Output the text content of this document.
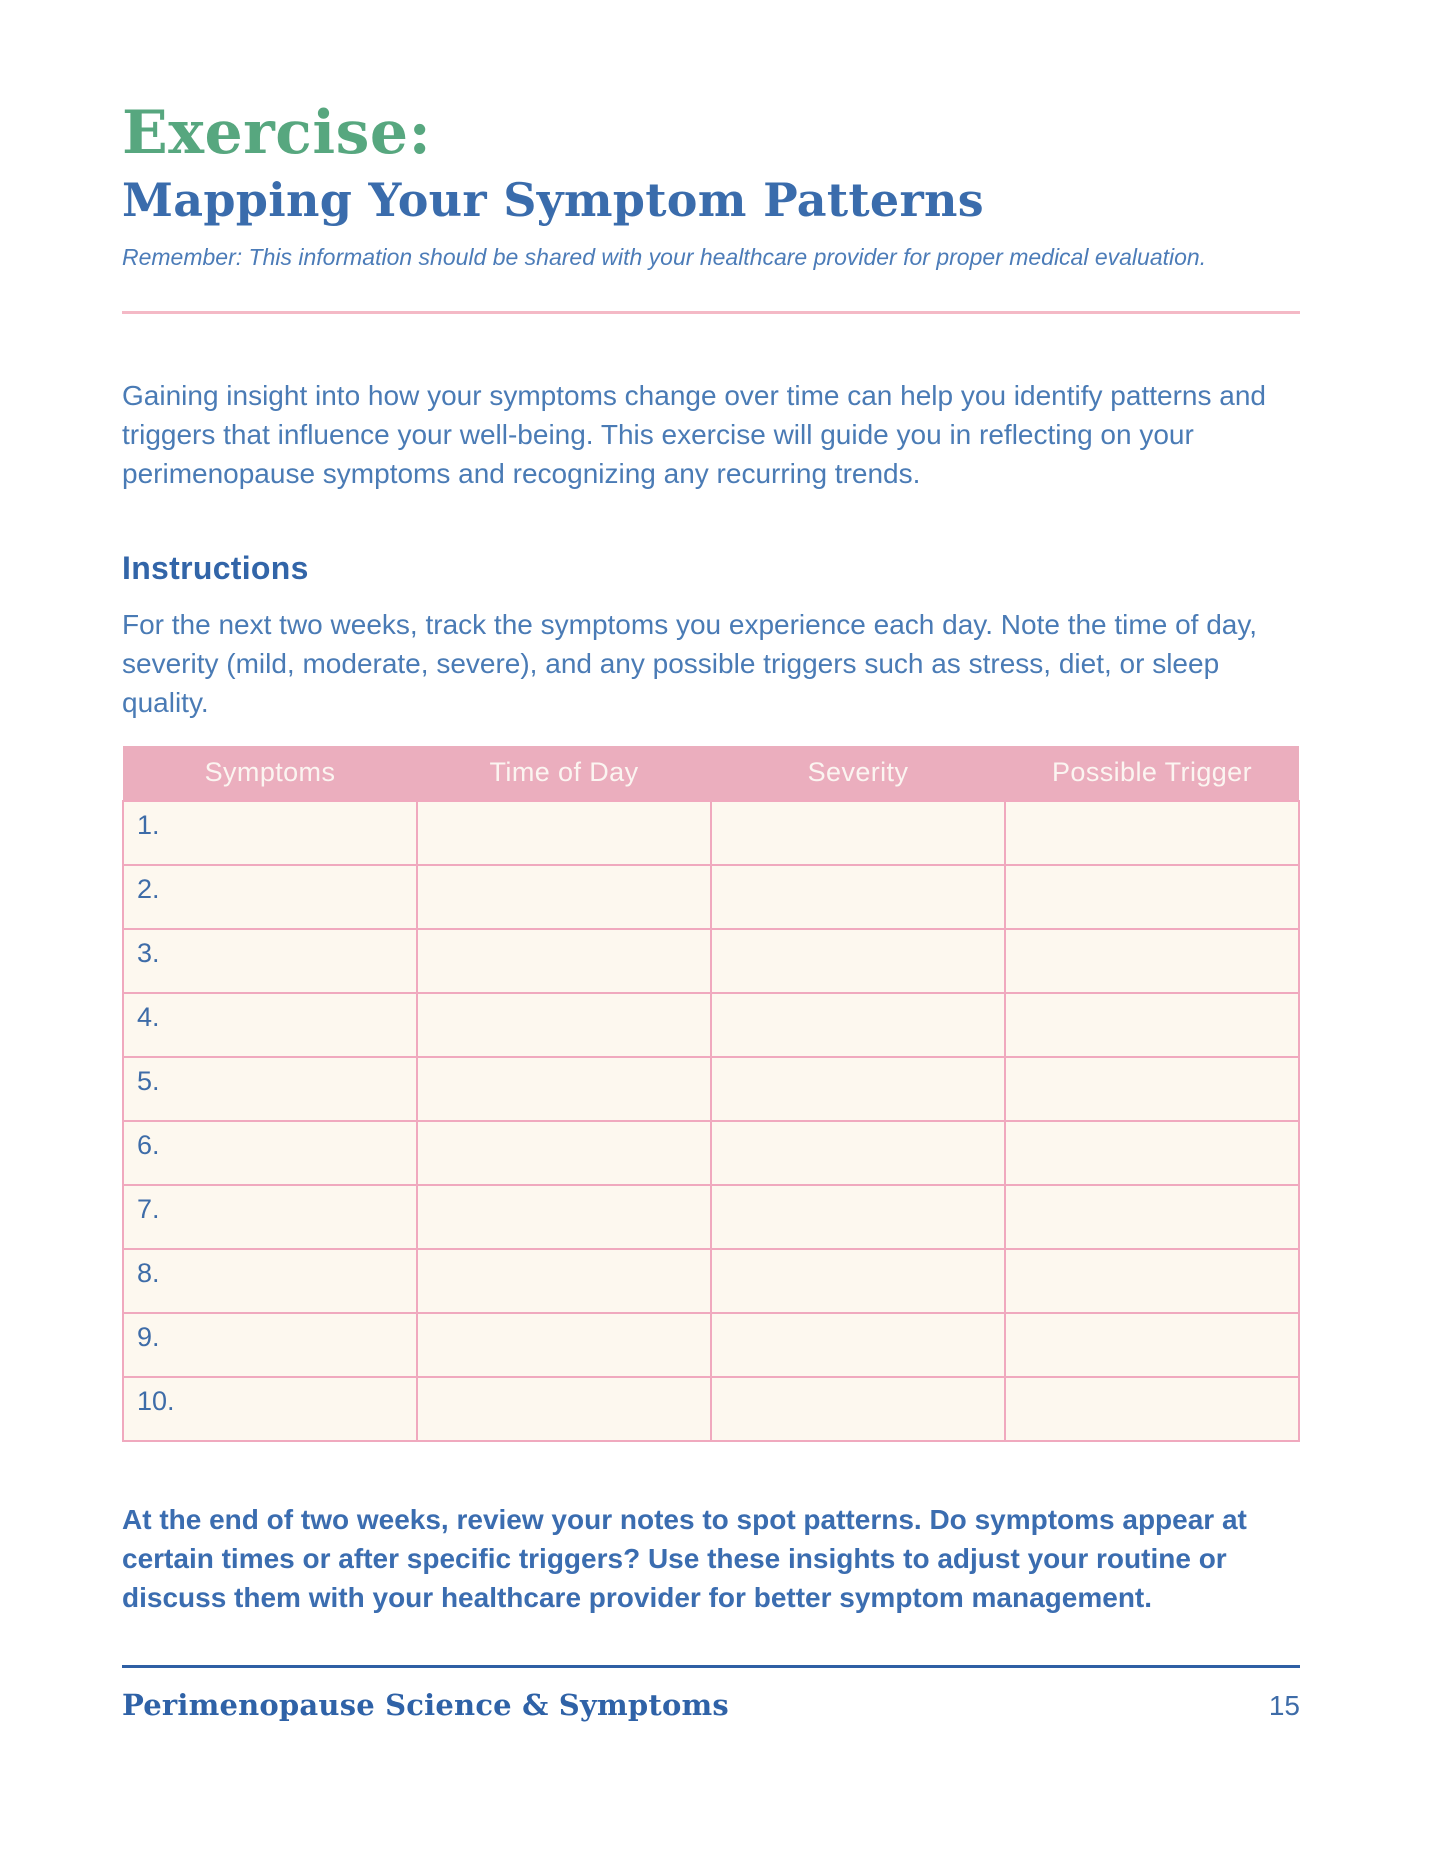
Exercise:
Mapping Your Symptom Patterns
Remember: This information should be shared with your healthcare provider for proper medical evaluation.

Gaining insight into how your symptoms change over time can help you identify patterns and triggers that influence your well-being. This exercise will guide you in reflecting on your perimenopause symptoms and recognizing any recurring trends.

Instructions

For the next two weeks, track the symptoms you experience each day. Note the time of day, severity (mild, moderate, severe), and any possible triggers such as stress, diet, or sleep quality.

Symptoms	Time of Day	Severity	Possible Trigger
1.			
2.			
3.			
4.			
5.			
6.			
7.			
8.			
9.			
10.			

At the end of two weeks, review your notes to spot patterns. Do symptoms appear at certain times or after specific triggers? Use these insights to adjust your routine or discuss them with your healthcare provider for better symptom management.

Perimenopause Science & Symptoms	15
